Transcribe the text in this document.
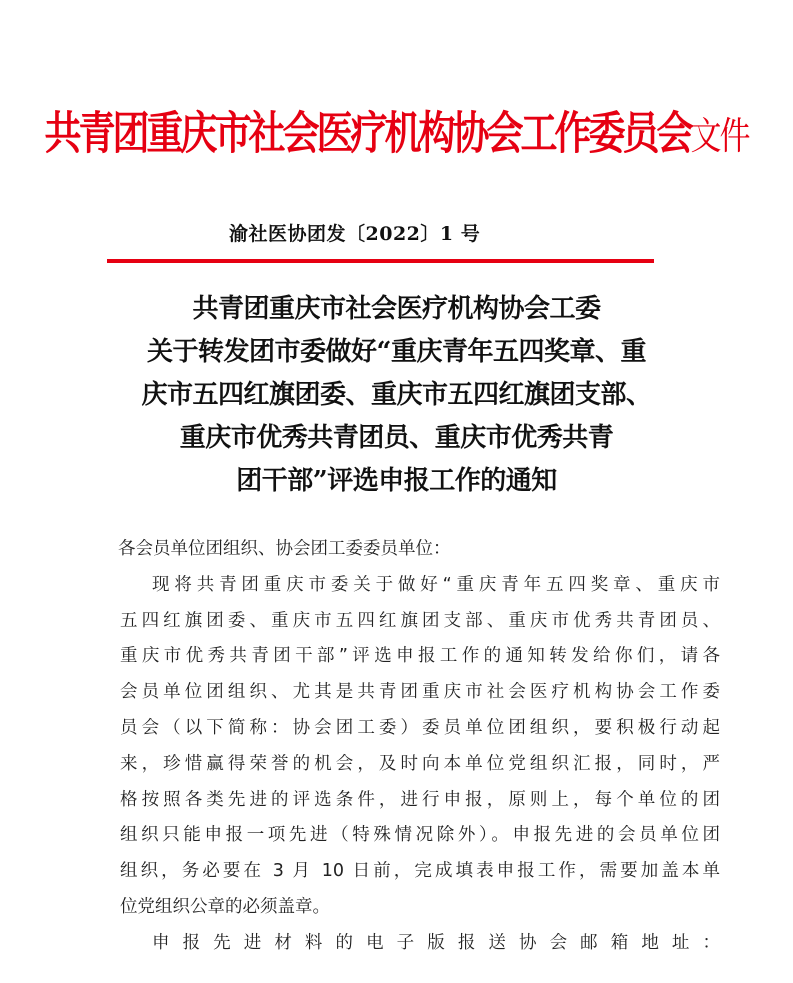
共青团重庆市社会医疗机构协会工作委员会文件
渝社医协团发〔2022〕1 号
共青团重庆市社会医疗机构协会工委
关于转发团市委做好“重庆青年五四奖章、重
庆市五四红旗团委、重庆市五四红旗团支部、
重庆市优秀共青团员、重庆市优秀共青
团干部”评选申报工作的通知
各会员单位团组织、协会团工委委员单位：
现将共青团重庆市委关于做好“重庆青年五四奖章、重庆市
五四红旗团委、重庆市五四红旗团支部、重庆市优秀共青团员、
重庆市优秀共青团干部”评选申报工作的通知转发给你们，请各
会员单位团组织、尤其是共青团重庆市社会医疗机构协会工作委
员会（以下简称：协会团工委）委员单位团组织，要积极行动起
来，珍惜赢得荣誉的机会，及时向本单位党组织汇报，同时，严
格按照各类先进的评选条件，进行申报，原则上，每个单位的团
组织只能申报一项先进（特殊情况除外）。申报先进的会员单位团
组织，务必要在 3 月 10 日前，完成填表申报工作，需要加盖本单
位党组织公章的必须盖章。
申报先进材料的电子版报送协会邮箱地址：
